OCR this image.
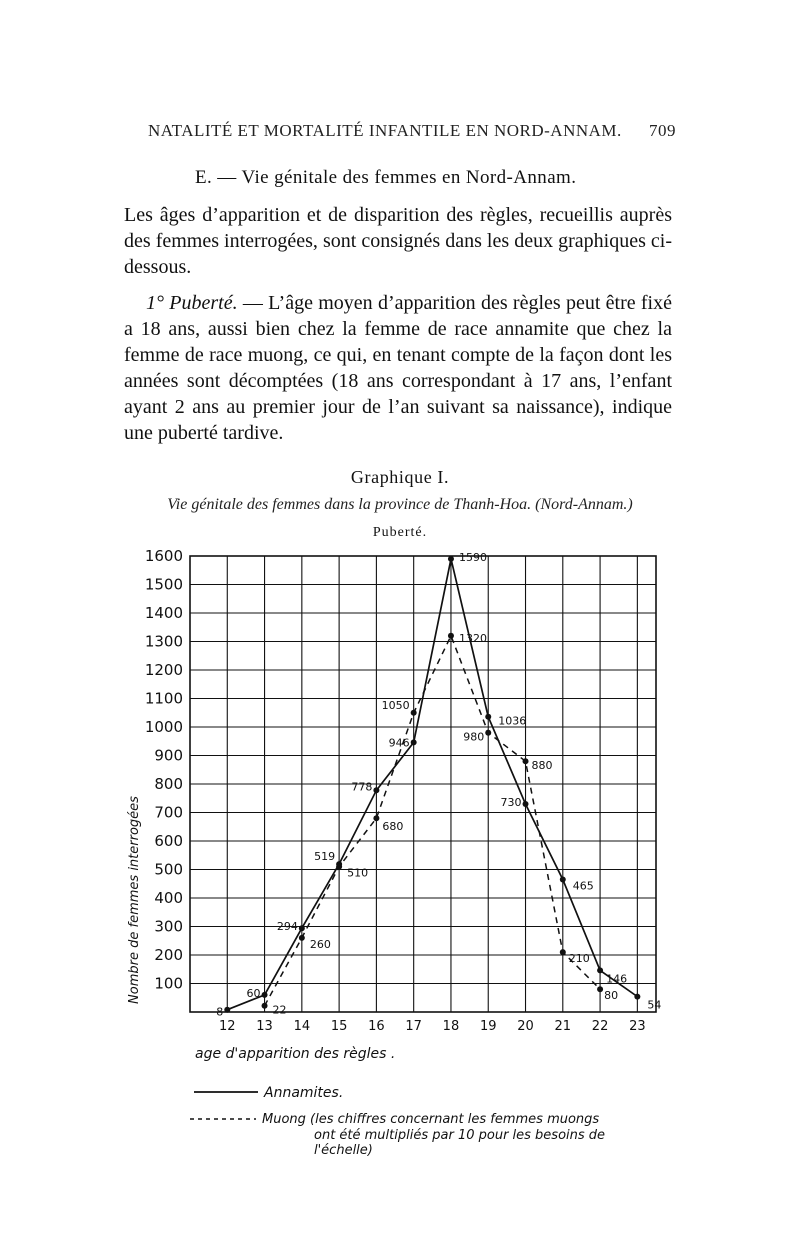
NATALITÉ ET MORTALITÉ INFANTILE EN NORD-ANNAM. 709
E. — Vie génitale des femmes en Nord-Annam.
Les âges d’apparition et de disparition des règles, recueillis auprès des femmes interrogées, sont consignés dans les deux graphiques ci-dessous.
1° Puberté. — L’âge moyen d’apparition des règles peut être fixé a 18 ans, aussi bien chez la femme de race annamite que chez la femme de race muong, ce qui, en tenant compte de la façon dont les années sont décomptées (18 ans correspondant à 17 ans, l’enfant ayant 2 ans au premier jour de l’an suivant sa naissance), indique une puberté tardive.
Graphique I.
Vie génitale des femmes dans la province de Thanh-Hoa. (Nord-Annam.)
Puberté.
100
200
300
400
500
600
700
800
900
1000
1100
1200
1300
1400
1500
1600
12 13 14 15 16 17 18 19 20 21 22 23
age d'apparition des règles .
Nombre de femmes interrogées
8
60
294
519
778
946
1590
1036
730
465
146
54
22
260
510
680
1050
1320
980
880
210
80
Annamites.
Muong (les chiffres concernant les femmes muongs
ont été multipliés par 10 pour les besoins de
l'échelle)
